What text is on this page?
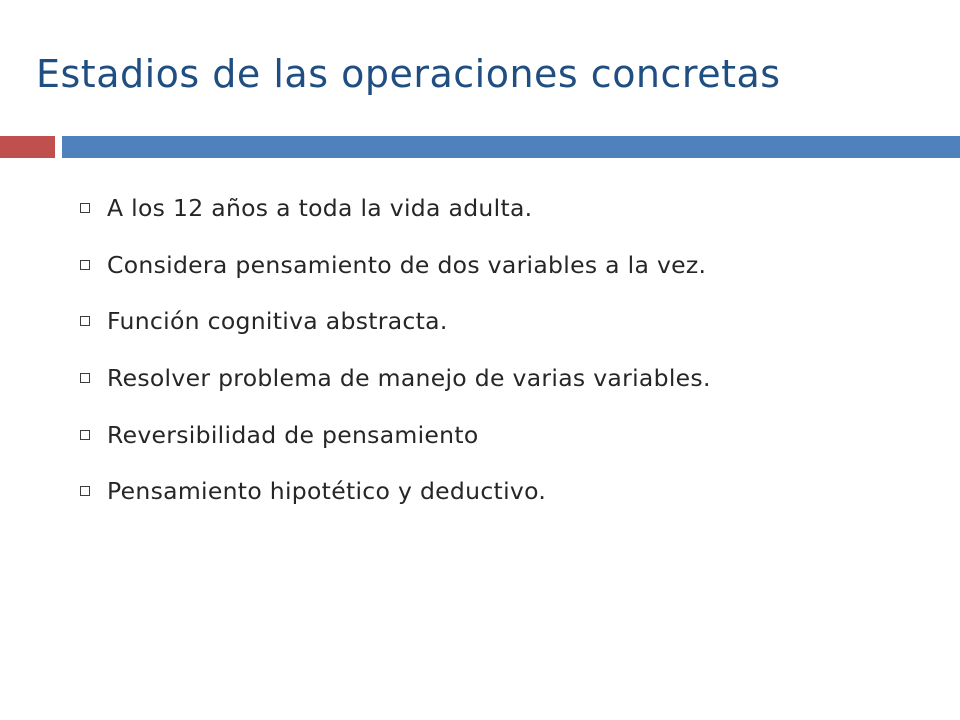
Estadios de las operaciones concretas
A los 12 años a toda la vida adulta.
Considera pensamiento de dos variables a la vez.
Función cognitiva abstracta.
Resolver problema de manejo de varias variables.
Reversibilidad de pensamiento
Pensamiento hipotético y deductivo.
